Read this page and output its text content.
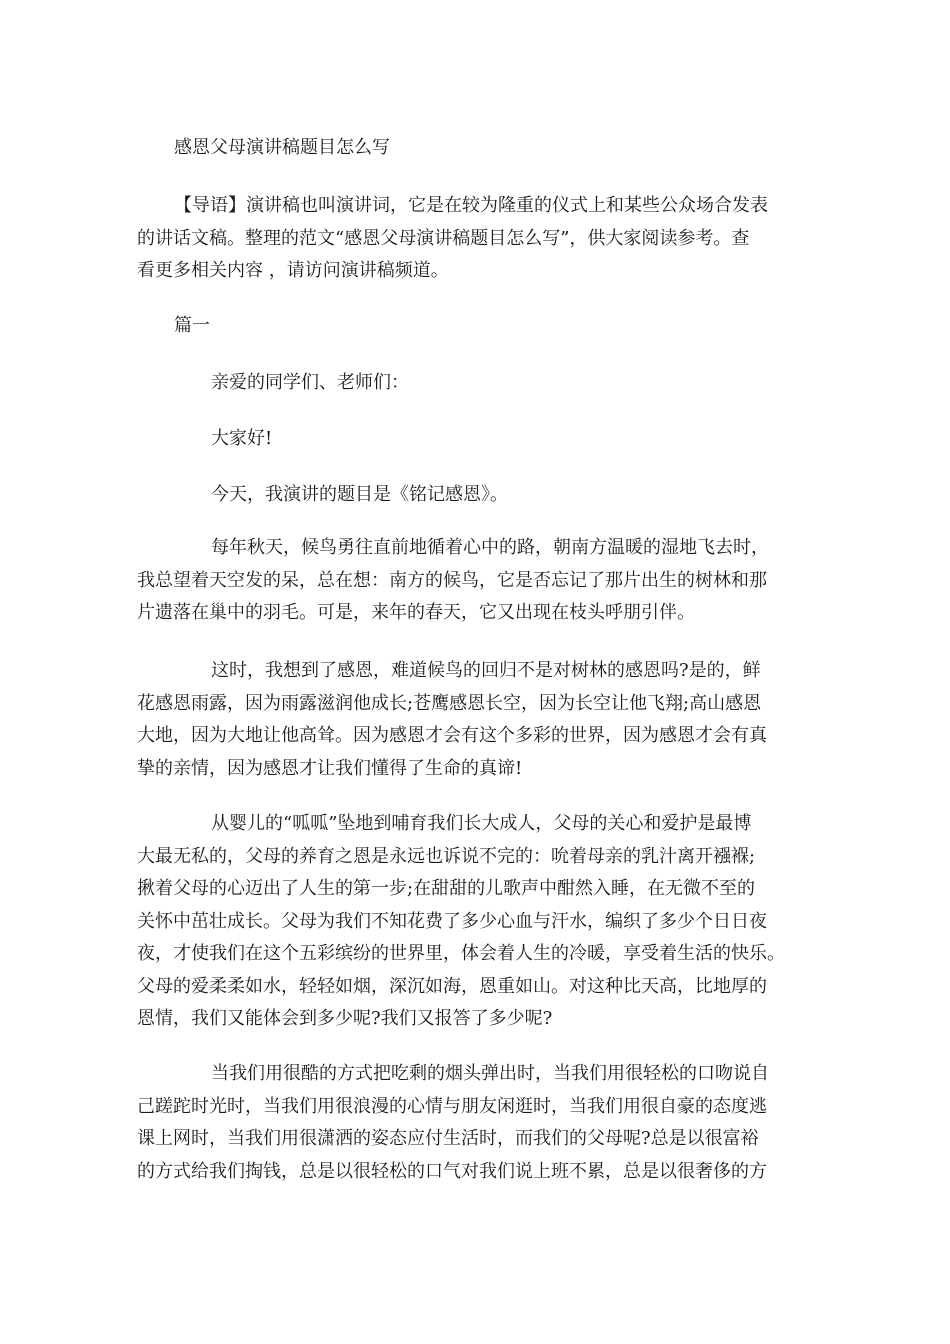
感恩父母演讲稿题目怎么写
【导语】演讲稿也叫演讲词，它是在较为隆重的仪式上和某些公众场合发表
的讲话文稿。整理的范文“感恩父母演讲稿题目怎么写”，供大家阅读参考。查
看更多相关内容 ，请访问演讲稿频道。
篇一
亲爱的同学们、老师们：
大家好!
今天，我演讲的题目是《铭记感恩》。
每年秋天，候鸟勇往直前地循着心中的路，朝南方温暖的湿地飞去时，
我总望着天空发的呆，总在想：南方的候鸟，它是否忘记了那片出生的树林和那
片遗落在巢中的羽毛。可是，来年的春天，它又出现在枝头呼朋引伴。
这时，我想到了感恩，难道候鸟的回归不是对树林的感恩吗?是的，鲜
花感恩雨露，因为雨露滋润他成长;苍鹰感恩长空，因为长空让他飞翔;高山感恩
大地，因为大地让他高耸。因为感恩才会有这个多彩的世界，因为感恩才会有真
挚的亲情，因为感恩才让我们懂得了生命的真谛!
从婴儿的“呱呱”坠地到哺育我们长大成人，父母的关心和爱护是最博
大最无私的，父母的养育之恩是永远也诉说不完的：吮着母亲的乳汁离开襁褓;
揪着父母的心迈出了人生的第一步;在甜甜的儿歌声中酣然入睡，在无微不至的
关怀中茁壮成长。父母为我们不知花费了多少心血与汗水，编织了多少个日日夜
夜，才使我们在这个五彩缤纷的世界里，体会着人生的冷暖，享受着生活的快乐。
父母的爱柔柔如水，轻轻如烟，深沉如海，恩重如山。对这种比天高，比地厚的
恩情，我们又能体会到多少呢?我们又报答了多少呢?
当我们用很酷的方式把吃剩的烟头弹出时，当我们用很轻松的口吻说自
己蹉跎时光时，当我们用很浪漫的心情与朋友闲逛时，当我们用很自豪的态度逃
课上网时，当我们用很潇洒的姿态应付生活时，而我们的父母呢?总是以很富裕
的方式给我们掏钱，总是以很轻松的口气对我们说上班不累，总是以很奢侈的方
